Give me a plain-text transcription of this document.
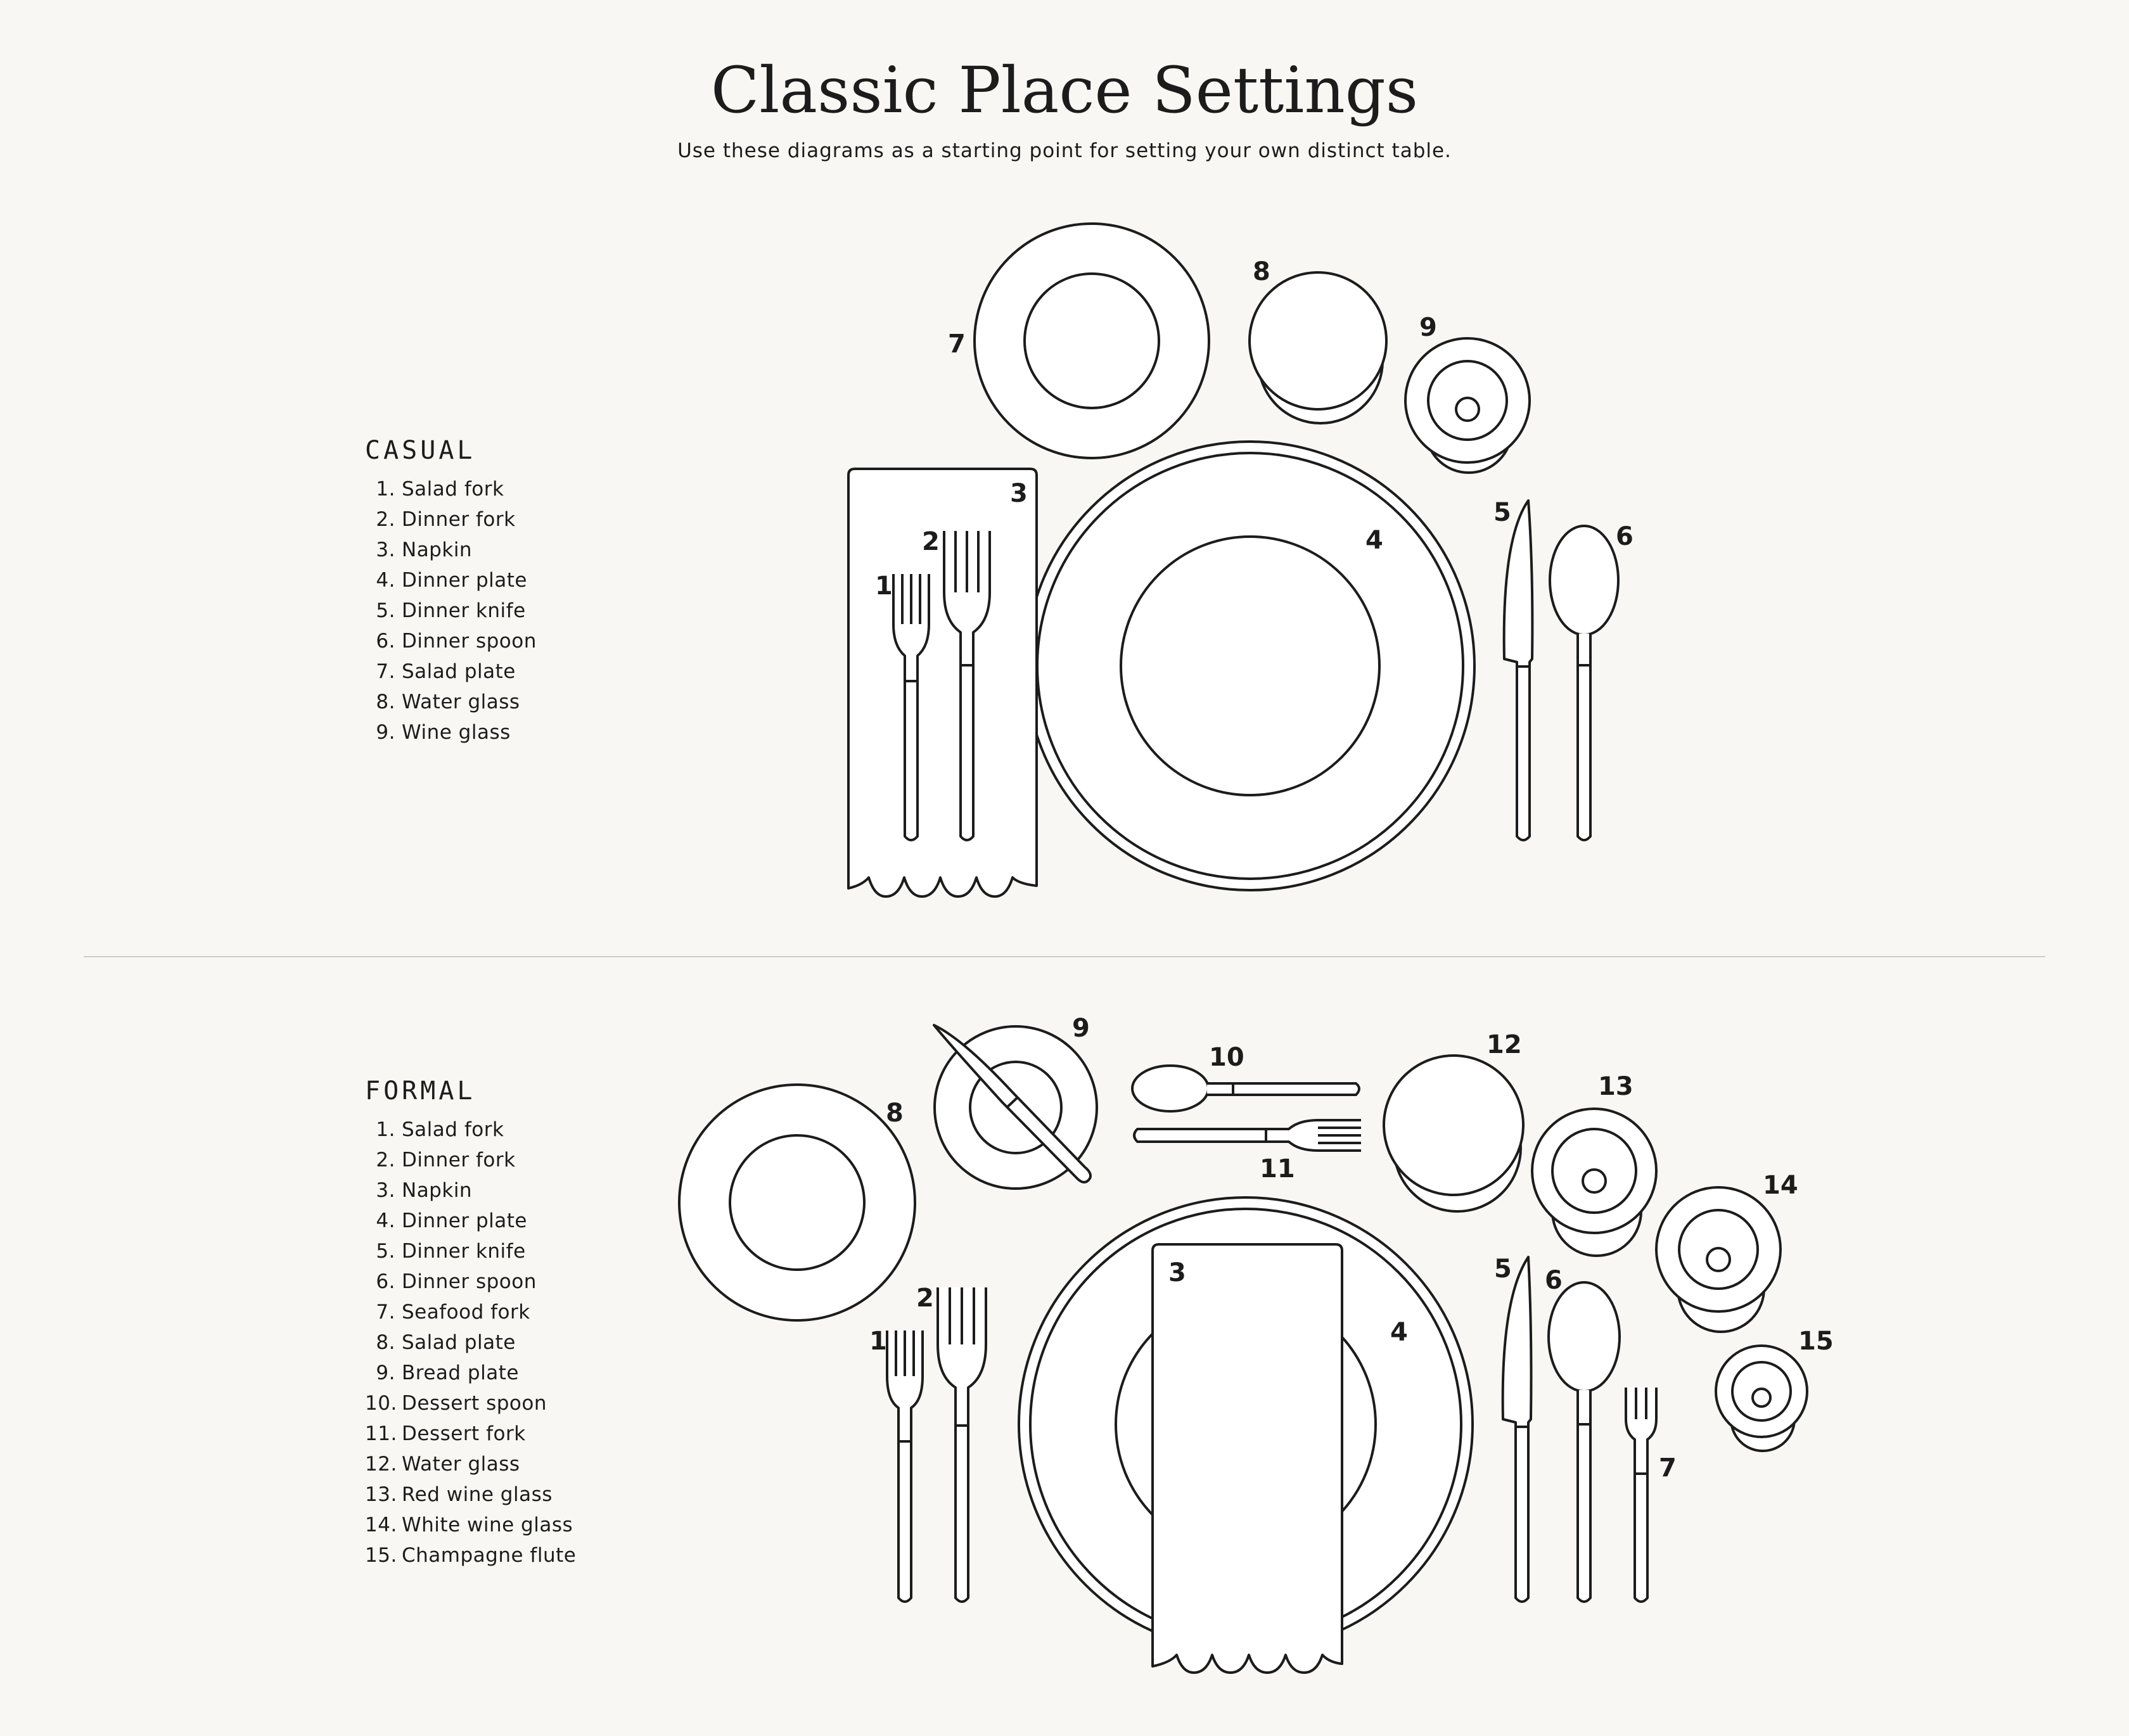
Classic Place Settings

Use these diagrams as a starting point for setting your own distinct table.

CASUAL
1. Salad fork
2. Dinner fork
3. Napkin
4. Dinner plate
5. Dinner knife
6. Dinner spoon
7. Salad plate
8. Water glass
9. Wine glass
FORMAL
1. Salad fork
2. Dinner fork
3. Napkin
4. Dinner plate
5. Dinner knife
6. Dinner spoon
7. Seafood fork
8. Salad plate
9. Bread plate
10. Dessert spoon
11. Dessert fork
12. Water glass
13. Red wine glass
14. White wine glass
15. Champagne flute
1
2
3
4
5
6
7
8
9
1
2
3
4
5 6
7
8
9
10
11
12
13
14
15
